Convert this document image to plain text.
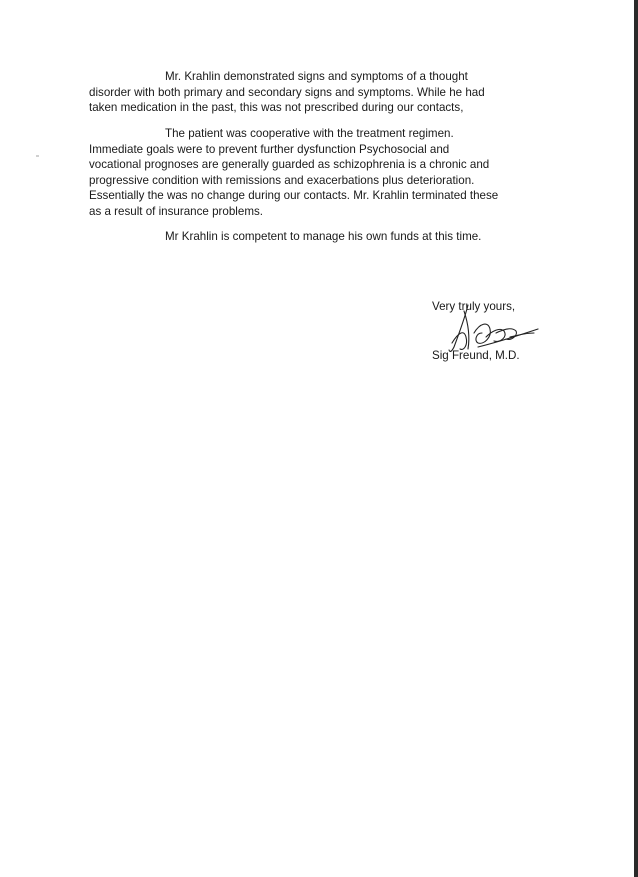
Mr. Krahlin demonstrated signs and symptoms of a thought
disorder with both primary and secondary signs and symptoms. While he had
taken medication in the past, this was not prescribed during our contacts,

The patient was cooperative with the treatment regimen.
Immediate goals were to prevent further dysfunction Psychosocial and
vocational prognoses are generally guarded as schizophrenia is a chronic and
progressive condition with remissions and exacerbations plus deterioration.
Essentially the was no change during our contacts. Mr. Krahlin terminated these
as a result of insurance problems.

Mr Krahlin is competent to manage his own funds at this time.

Very truly yours,
Sig Freund, M.D.
